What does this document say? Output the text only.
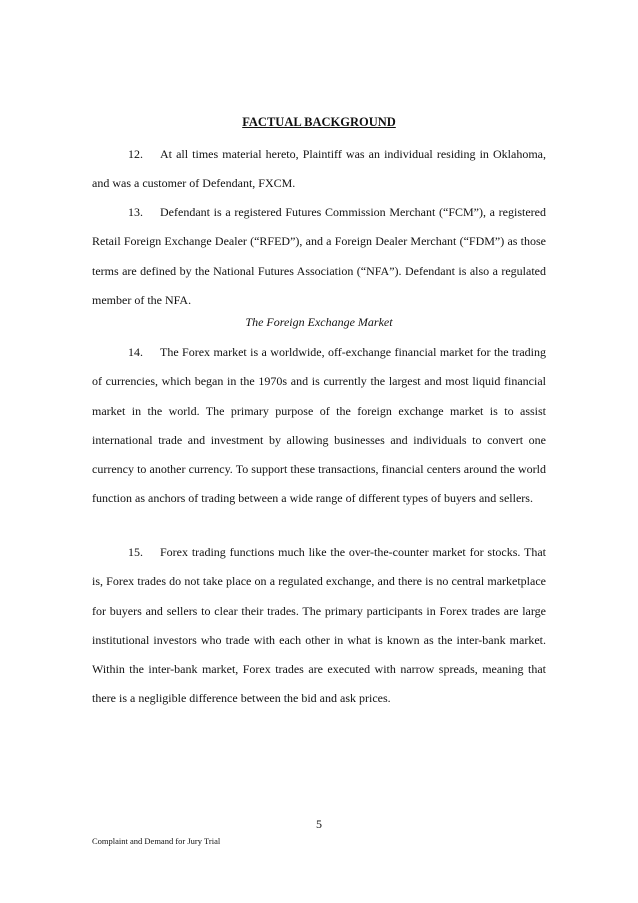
FACTUAL BACKGROUND

12. At all times material hereto, Plaintiff was an individual residing in Oklahoma, and was a customer of Defendant, FXCM.

13. Defendant is a registered Futures Commission Merchant (“FCM”), a registered Retail Foreign Exchange Dealer (“RFED”), and a Foreign Dealer Merchant (“FDM”) as those terms are defined by the National Futures Association (“NFA”). Defendant is also a regulated member of the NFA.

The Foreign Exchange Market

14. The Forex market is a worldwide, off-exchange financial market for the trading of currencies, which began in the 1970s and is currently the largest and most liquid financial market in the world. The primary purpose of the foreign exchange market is to assist international trade and investment by allowing businesses and individuals to convert one currency to another currency. To support these transactions, financial centers around the world function as anchors of trading between a wide range of different types of buyers and sellers.

15. Forex trading functions much like the over-the-counter market for stocks. That is, Forex trades do not take place on a regulated exchange, and there is no central marketplace for buyers and sellers to clear their trades. The primary participants in Forex trades are large institutional investors who trade with each other in what is known as the inter-bank market. Within the inter-bank market, Forex trades are executed with narrow spreads, meaning that there is a negligible difference between the bid and ask prices.

5
Complaint and Demand for Jury Trial
